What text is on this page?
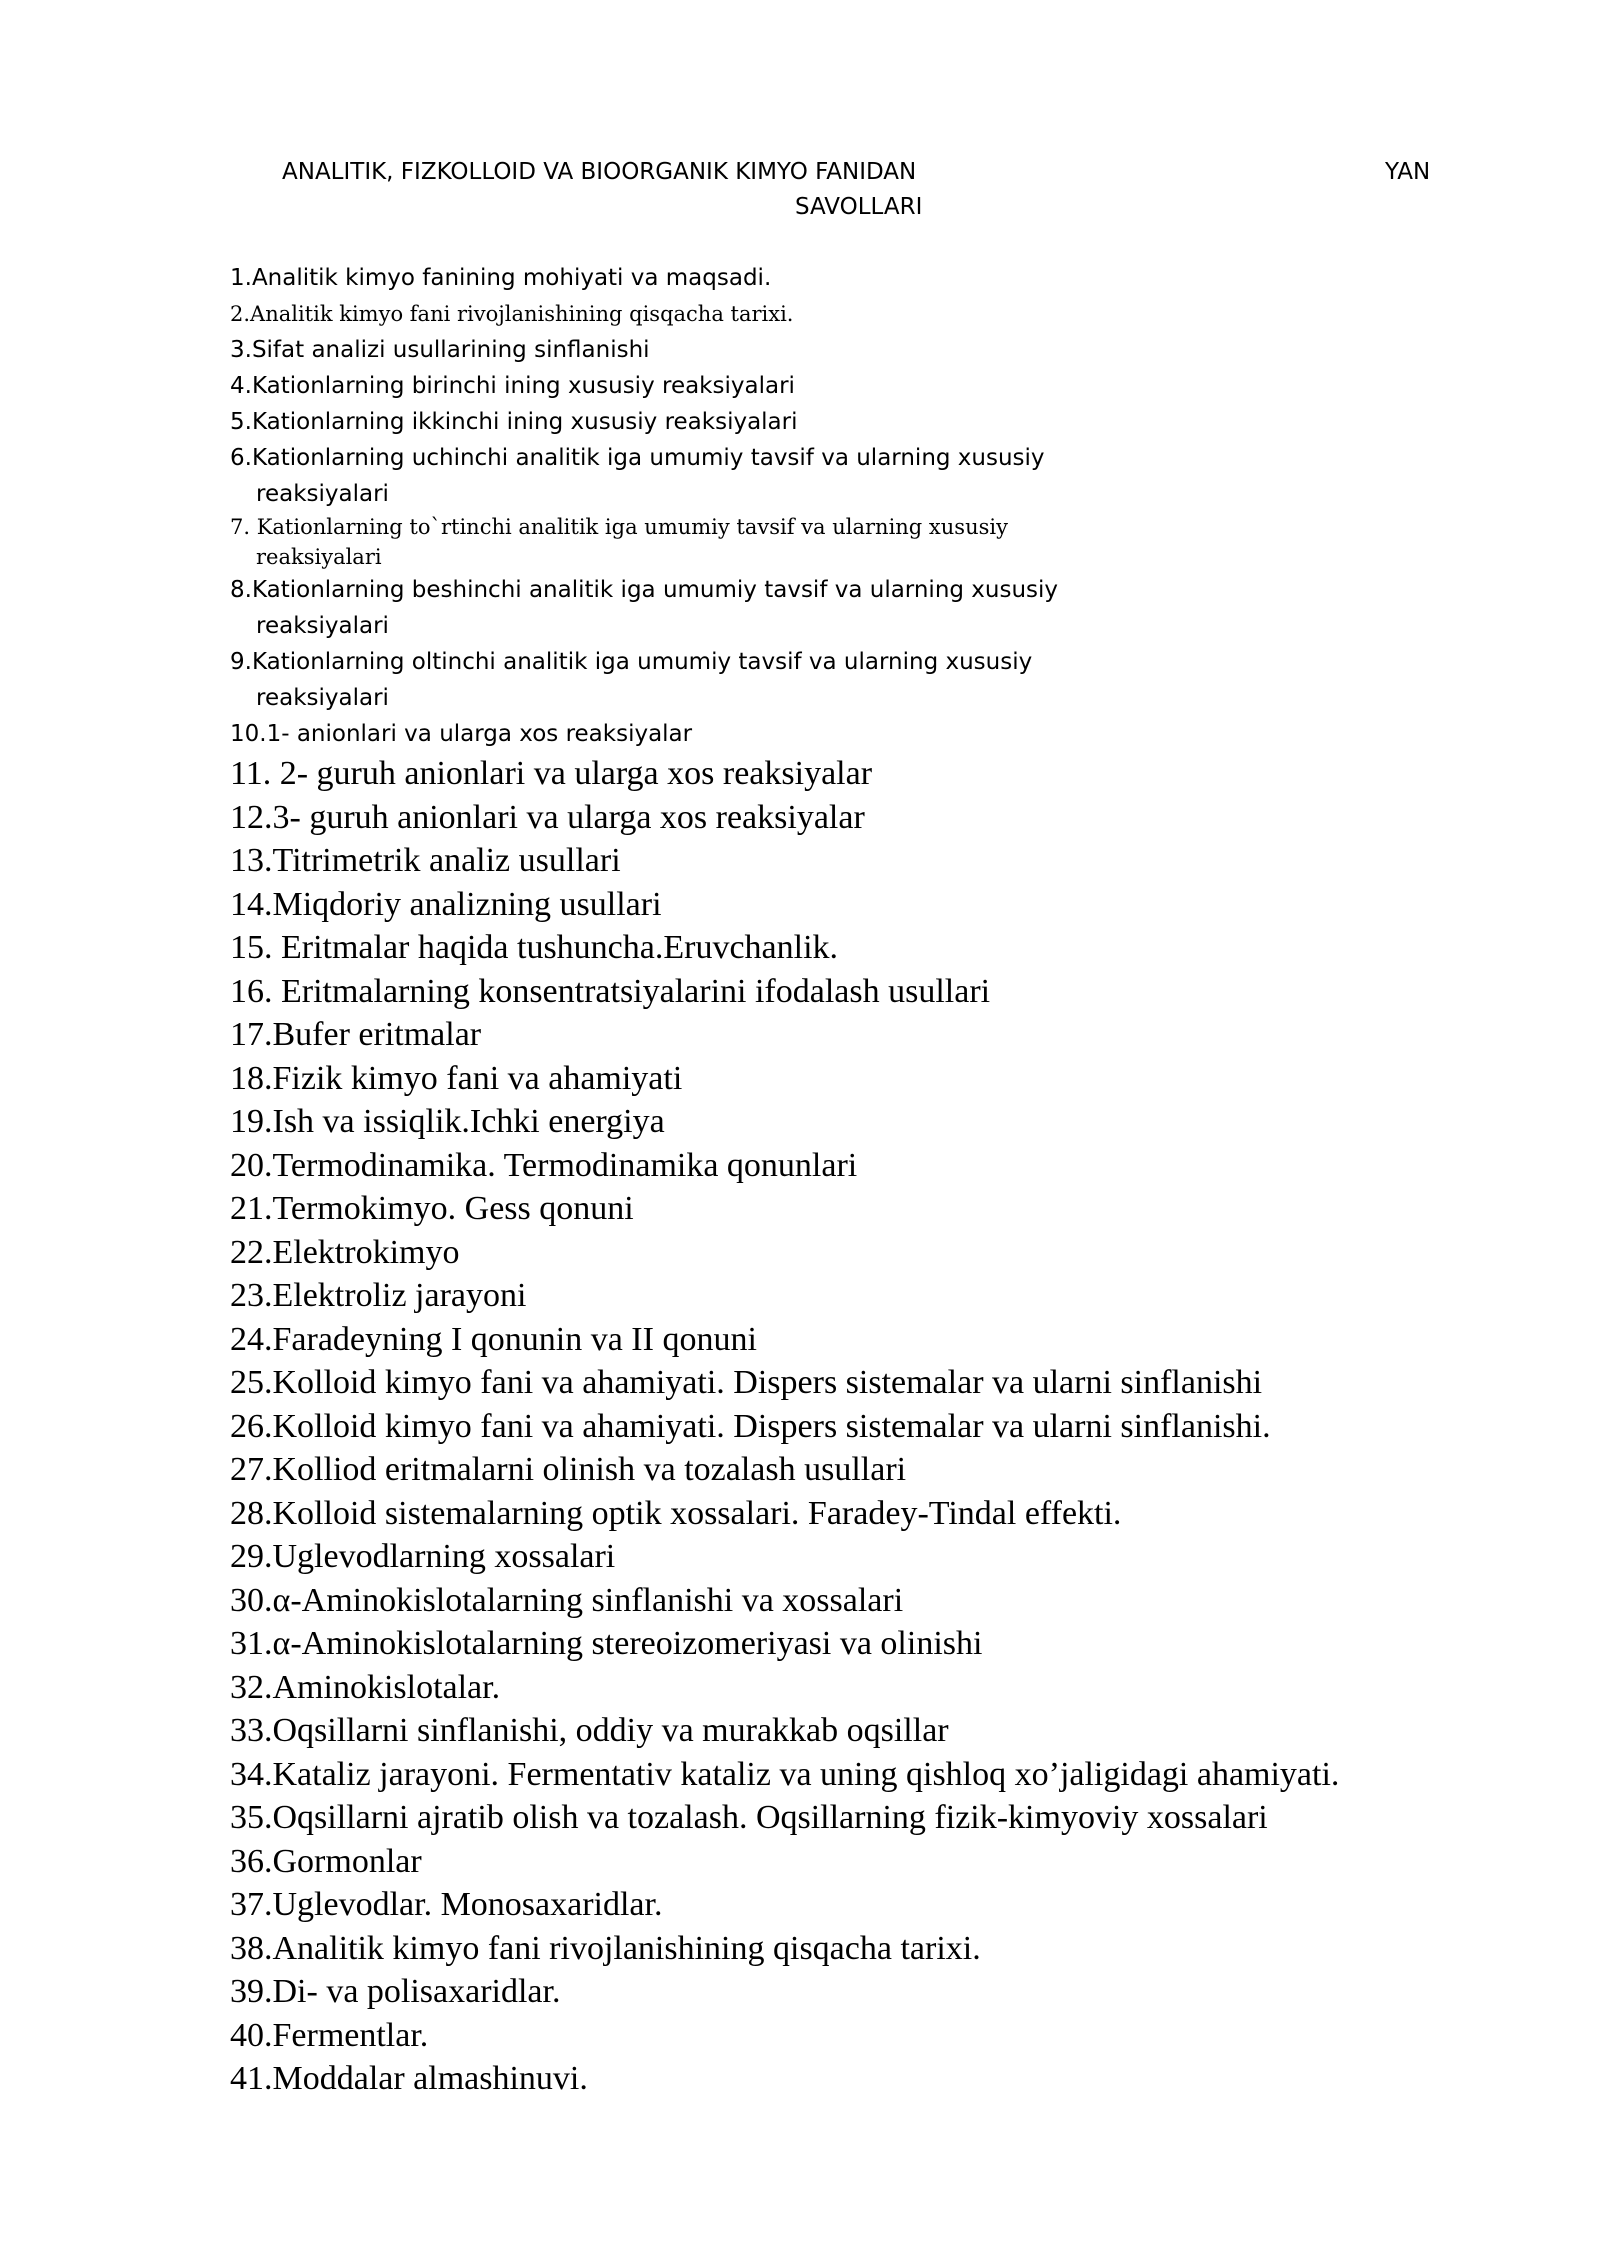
ANALITIK, FIZKOLLOID VA BIOORGANIK KIMYO FANIDAN	YAN
SAVOLLARI
1.Analitik kimyo fanining mohiyati va maqsadi.
2.Analitik kimyo fani rivojlanishining qisqacha tarixi.
3.Sifat analizi usullarining sinflanishi
4.Kationlarning birinchi ining xususiy reaksiyalari
5.Kationlarning ikkinchi ining xususiy reaksiyalari
6.Kationlarning uchinchi analitik iga umumiy tavsif va ularning xususiy
reaksiyalari
7. Kationlarning to`rtinchi analitik iga umumiy tavsif va ularning xususiy
reaksiyalari
8.Kationlarning beshinchi analitik iga umumiy tavsif va ularning xususiy
reaksiyalari
9.Kationlarning oltinchi analitik iga umumiy tavsif va ularning xususiy
reaksiyalari
10.1- anionlari va ularga xos reaksiyalar
11. 2- guruh anionlari va ularga xos reaksiyalar
12.3- guruh anionlari va ularga xos reaksiyalar
13.Titrimetrik analiz usullari
14.Miqdoriy analizning usullari
15. Eritmalar haqida tushuncha.Eruvchanlik.
16. Eritmalarning konsentratsiyalarini ifodalash usullari
17.Bufer eritmalar
18.Fizik kimyo fani va ahamiyati
19.Ish va issiqlik.Ichki energiya
20.Termodinamika. Termodinamika qonunlari
21.Termokimyo. Gess qonuni
22.Elektrokimyo
23.Elektroliz jarayoni
24.Faradeyning I qonunin va II qonuni
25.Kolloid kimyo fani va ahamiyati. Dispers sistemalar va ularni sinflanishi
26.Kolloid kimyo fani va ahamiyati. Dispers sistemalar va ularni sinflanishi.
27.Kolliod eritmalarni olinish va tozalash usullari
28.Kolloid sistemalarning optik xossalari. Faradey-Tindal effekti.
29.Uglevodlarning xossalari
30.α-Aminokislotalarning sinflanishi va xossalari
31.α-Aminokislotalarning stereoizomeriyasi va olinishi
32.Aminokislotalar.
33.Oqsillarni sinflanishi, oddiy va murakkab oqsillar
34.Kataliz jarayoni. Fermentativ kataliz va uning qishloq xo’jaligidagi ahamiyati.
35.Oqsillarni ajratib olish va tozalash. Oqsillarning fizik-kimyoviy xossalari
36.Gormonlar
37.Uglevodlar. Monosaxaridlar.
38.Analitik kimyo fani rivojlanishining qisqacha tarixi.
39.Di- va polisaxaridlar.
40.Fermentlar.
41.Moddalar almashinuvi.
